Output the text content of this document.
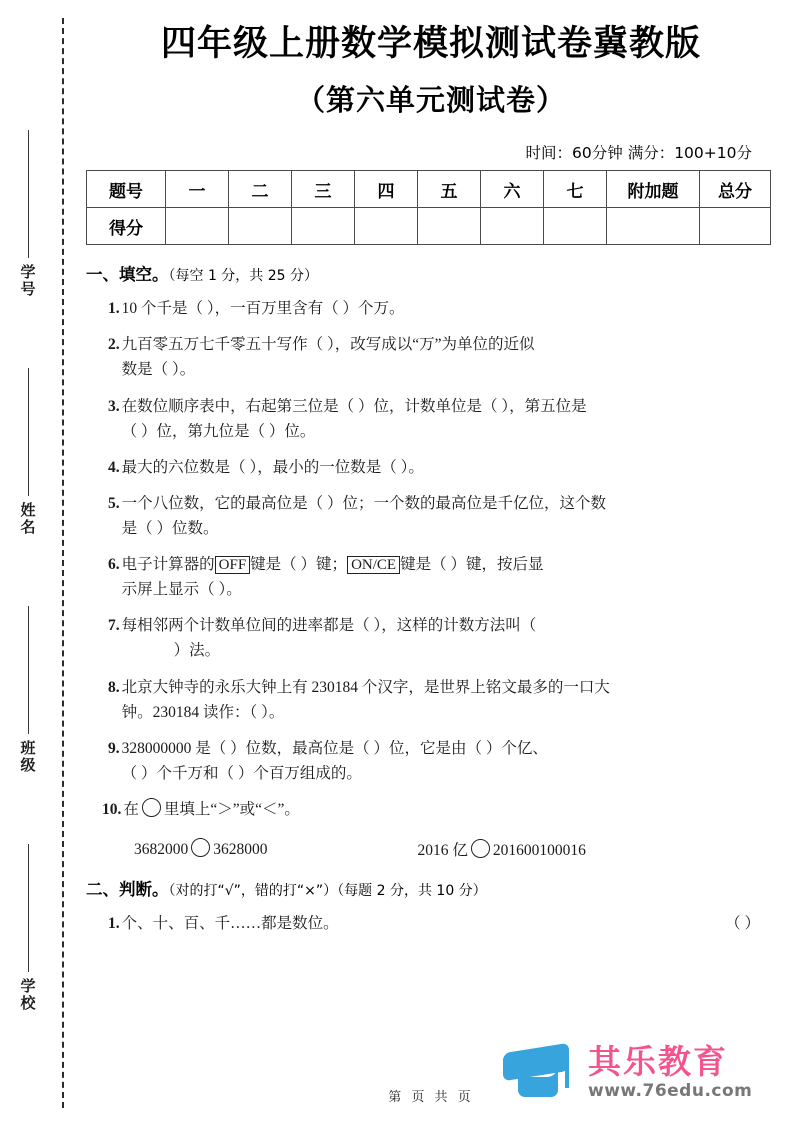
学号
姓名
班级
学校
四年级上册数学模拟测试卷冀教版
（第六单元测试卷）
时间：60分钟 满分：100+10分
题号	一	二	三	四	五	六	七	附加题	总分
得分									
一、填空。（每空 1 分，共 25 分）
1. 10 个千是（ ），一百万里含有（ ）个万。
2. 九百零五万七千零五十写作（ ），改写成以“万”为单位的近似
数是（ ）。
3. 在数位顺序表中，右起第三位是（ ）位，计数单位是（ ），第五位是
（ ）位，第九位是（ ）位。
4. 最大的六位数是（ ），最小的一位数是（ ）。
5. 一个八位数，它的最高位是（ ）位；一个数的最高位是千亿位，这个数
是（ ）位数。
6. 电子计算器的 OFF 键是（ ）键； ON/CE 键是（ ）键，按后显
示屏上显示（ ）。
7. 每相邻两个计数单位间的进率都是（ ），这样的计数方法叫（
）法。
8. 北京大钟寺的永乐大钟上有 230184 个汉字，是世界上铭文最多的一口大
钟。230184 读作：（ ）。
9. 328000000 是（ ）位数，最高位是（ ）位，它是由（ ）个亿、
（ ）个千万和（ ）个百万组成的。
10. 在 里填上“＞”或“＜”。
3682000 3628000	2016 亿 201600100016
二、判断。（对的打“√”，错的打“×”）（每题 2 分，共 10 分）
1. 个、十、百、千……都是数位。	（ ）
第 页 共 页
其乐教育
www.76edu.com
